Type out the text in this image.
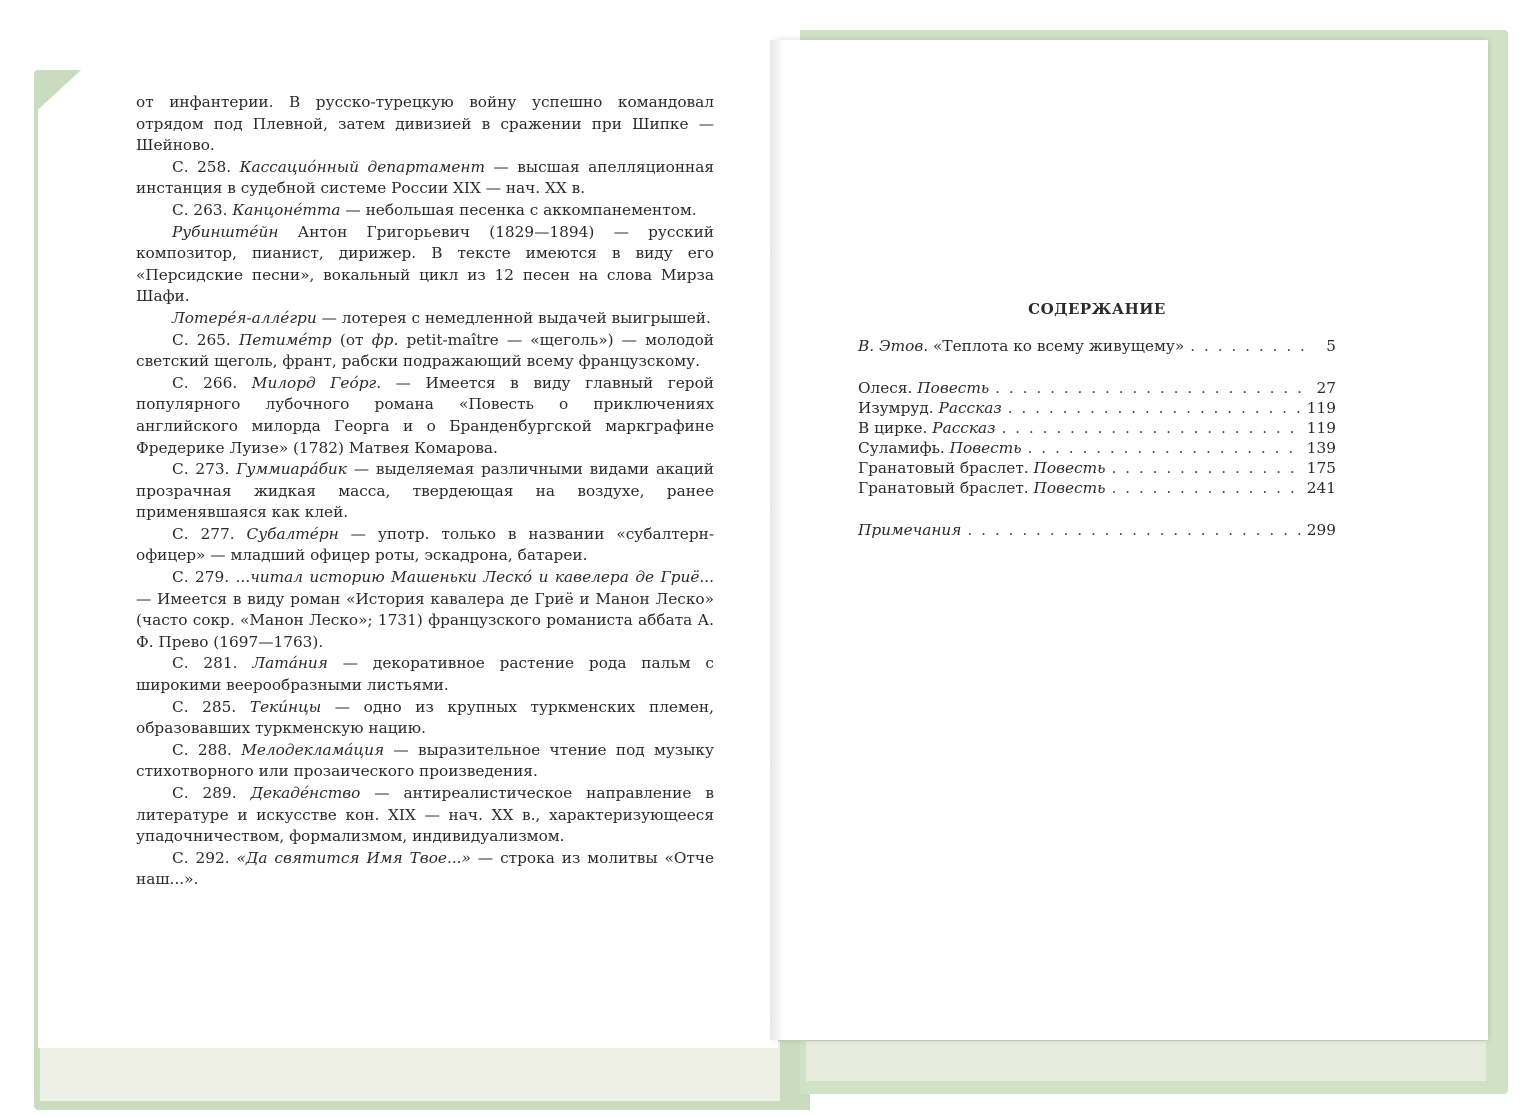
от инфантерии. В русско-турецкую войну успешно командовал отрядом под Плевной, затем дивизией в сражении при Шипке — Шейново.

С. 258. Кассациóнный департамент — высшая апелляционная инстанция в судебной системе России XIX — нач. XX в.

С. 263. Канцонéтта — небольшая песенка с аккомпанементом.

Рубинштéйн Антон Григорьевич (1829—1894) — русский композитор, пианист, дирижер. В тексте имеются в виду его «Персидские песни», вокальный цикл из 12 песен на слова Мирза Шафи.

Лотерéя-аллéгри — лотерея с немедленной выдачей выигрышей.

С. 265. Петимéтр (от фр. petit-maître — «щеголь») — молодой светский щеголь, франт, рабски подражающий всему французскому.

С. 266. Милорд Геóрг. — Имеется в виду главный герой популярного лубочного романа «Повесть о приключениях английского милорда Георга и о Бранденбургской маркграфине Фредерике Луизе» (1782) Матвея Комарова.

С. 273. Гуммиарáбик — выделяемая различными видами акаций прозрачная жидкая масса, твердеющая на воздухе, ранее применявшаяся как клей.

С. 277. Субалтéрн — употр. только в названии «субалтерн-офицер» — младший офицер роты, эскадрона, батареи.

С. 279. ...читал историю Машеньки Лескó и кавелера де Гриё... — Имеется в виду роман «История кавалера де Гриё и Манон Леско» (часто сокр. «Манон Леско»; 1731) французского романиста аббата А. Ф. Прево (1697—1763).

С. 281. Латáния — декоративное растение рода пальм с широкими веерообразными листьями.

С. 285. Текúнцы — одно из крупных туркменских племен, образовавших туркменскую нацию.

С. 288. Мелодекламáция — выразительное чтение под музыку стихотворного или прозаического произведения.

С. 289. Декадéнство — антиреалистическое направление в литературе и искусстве кон. XIX — нач. XX в., характеризующееся упадочничеством, формализмом, индивидуализмом.

С. 292. «Да святится Имя Твое...» — строка из молитвы «Отче наш...».

СОДЕРЖАНИЕ
В. Этов. «Теплота ко всему живущему» . . .	5
Олеся. Повесть . . .	27
Изумруд. Рассказ . . .	119
В цирке. Рассказ . . .	119
Суламифь. Повесть . . .	139
Гранатовый браслет. Повесть . . .	175
Гранатовый браслет. Повесть . . .	241
Примечания . . .	299
